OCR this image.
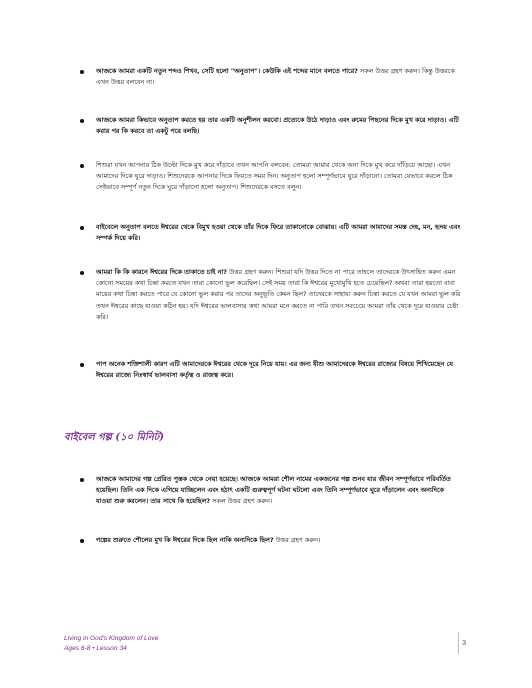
আজকে আমরা একটি নতুন শব্দও শিখব, সেটি হলো "অনুতাপ"। কেউকি এই শব্দের মানে বলতে পারে? সকল উত্তর গ্রহণ করুন। কিন্তু উত্তরকে এখন উত্তর বলবেন না।
আজকে আমরা কিভাবে অনুতাপ করতে হয় তার একটি অনুশীলন করবো। প্রত্যেকে উঠে দাড়াও এবং রুমের পিছনের দিকে মুখ করে দাড়াও। এটি করার পর কি করবে তা একটু পরে বলছি।
শিশুরা যখন আপনার ঠিক উল্টো দিকে মুখ করে দাঁড়াবে তখন আপনি বলবেন: তোমরা আমার থেকে অন্য দিকে মুখ করে দাঁড়িয়ে আছো। এখন আমাদের দিকে ঘুরে দাড়াও। শিশুদেরকে আপনার দিকে ফিরতে সময় দিন। অনুতাপ হলো সম্পূর্ণভাবে ঘুরে দাঁড়ানো। তোমরা যেভাবে করলে ঠিক সেইভাবে সম্পূর্ণ নতুন দিকে ঘুরে দাঁড়ানো হলো অনুতাপ। শিশুদেরকে বসতে বলুন।
বাইবেলে অনুতাপ বলতে ঈশ্বরের থেকে বিমুখ হওয়া থেকে তাঁর দিকে ফিরে তাকানোকে বোঝায়। এটি আমরা আমাদের সমস্ত দেহ, মন, হৃদয় এবং সম্পর্ক দিয়ে করি।
আমরা কি কি কারনে ঈশ্বরের দিকে তাকাতে চাই না? উত্তর গ্রহণ করুন। শিশুরা যদি উত্তর দিতে না পারে তাহলে তাদেরকে উৎসাহিত করুন এমন কোনো সময়ের কথা চিন্তা করতে যখন তারা কোনো ভুল করেছিল। সেই সময় তারা কি ঈশ্বরের মুখোমুখি হতে চেয়েছিল? অথবা তারা হয়তো বাবা মায়ের কথা চিন্তা করতে পারে যে কোনো ভুল করার পর তাদের অনুভূতি কেমন ছিল? তাদেরকে সাহায্য করুন চিন্তা করতে যে যখন আমরা ভুল করি তখন ঈশ্বরের কাছে যাওয়া কঠিন হয়। যদি ঈশ্বরের ভালবাসার কথা আমরা মনে করতে না পারি তখন সবচেয়ে আমরা তাঁর থেকে দূরে যাওয়ার চেষ্টা করি।
পাপ অনেক শক্তিশালী কারণ এটি আমাদেরকে ঈশ্বরের থেকে দূরে নিয়ে যায়। এর জন্য যীশু আমাদেরকে ঈশ্বরের রাজ্যের বিষয়ে শিখিয়েছেন যে ঈশ্বরের রাজ্যে নিঃস্বার্থ ভালবাসা কর্তৃত্ব ও রাজত্ব করে।
বাইবেল গল্প (১০ মিনিট)
আজকে আমাদের গল্প প্রেরিত পুস্তক থেকে নেয়া হয়েছে। আজকে আমরা শৌল নামের একজনের গল্প শুনব যার জীবন সম্পূর্ণভাবে পরিবর্তিত হয়েছিল। তিনি এক দিকে এগিয়ে যাচ্ছিলেন এবং হঠাৎ একটি গুরুত্বপূর্ণ ঘটনা ঘটলো এবং তিনি সম্পূর্ণভাবে ঘুরে দাঁড়ালেন এবং অন্যদিকে যাওয়া শুরু করলেন। তার সাথে কি হয়েছিল? সকল উত্তর গ্রহণ করুন।
গল্পের শুরুতে শৌলের মুখ কি ঈশ্বরের দিকে ছিল নাকি অন্যদিকে ছিল? উত্তর গ্রহণ করুন।
Living in God's Kingdom of Love
Ages 6-8 • Lesson 34
3
